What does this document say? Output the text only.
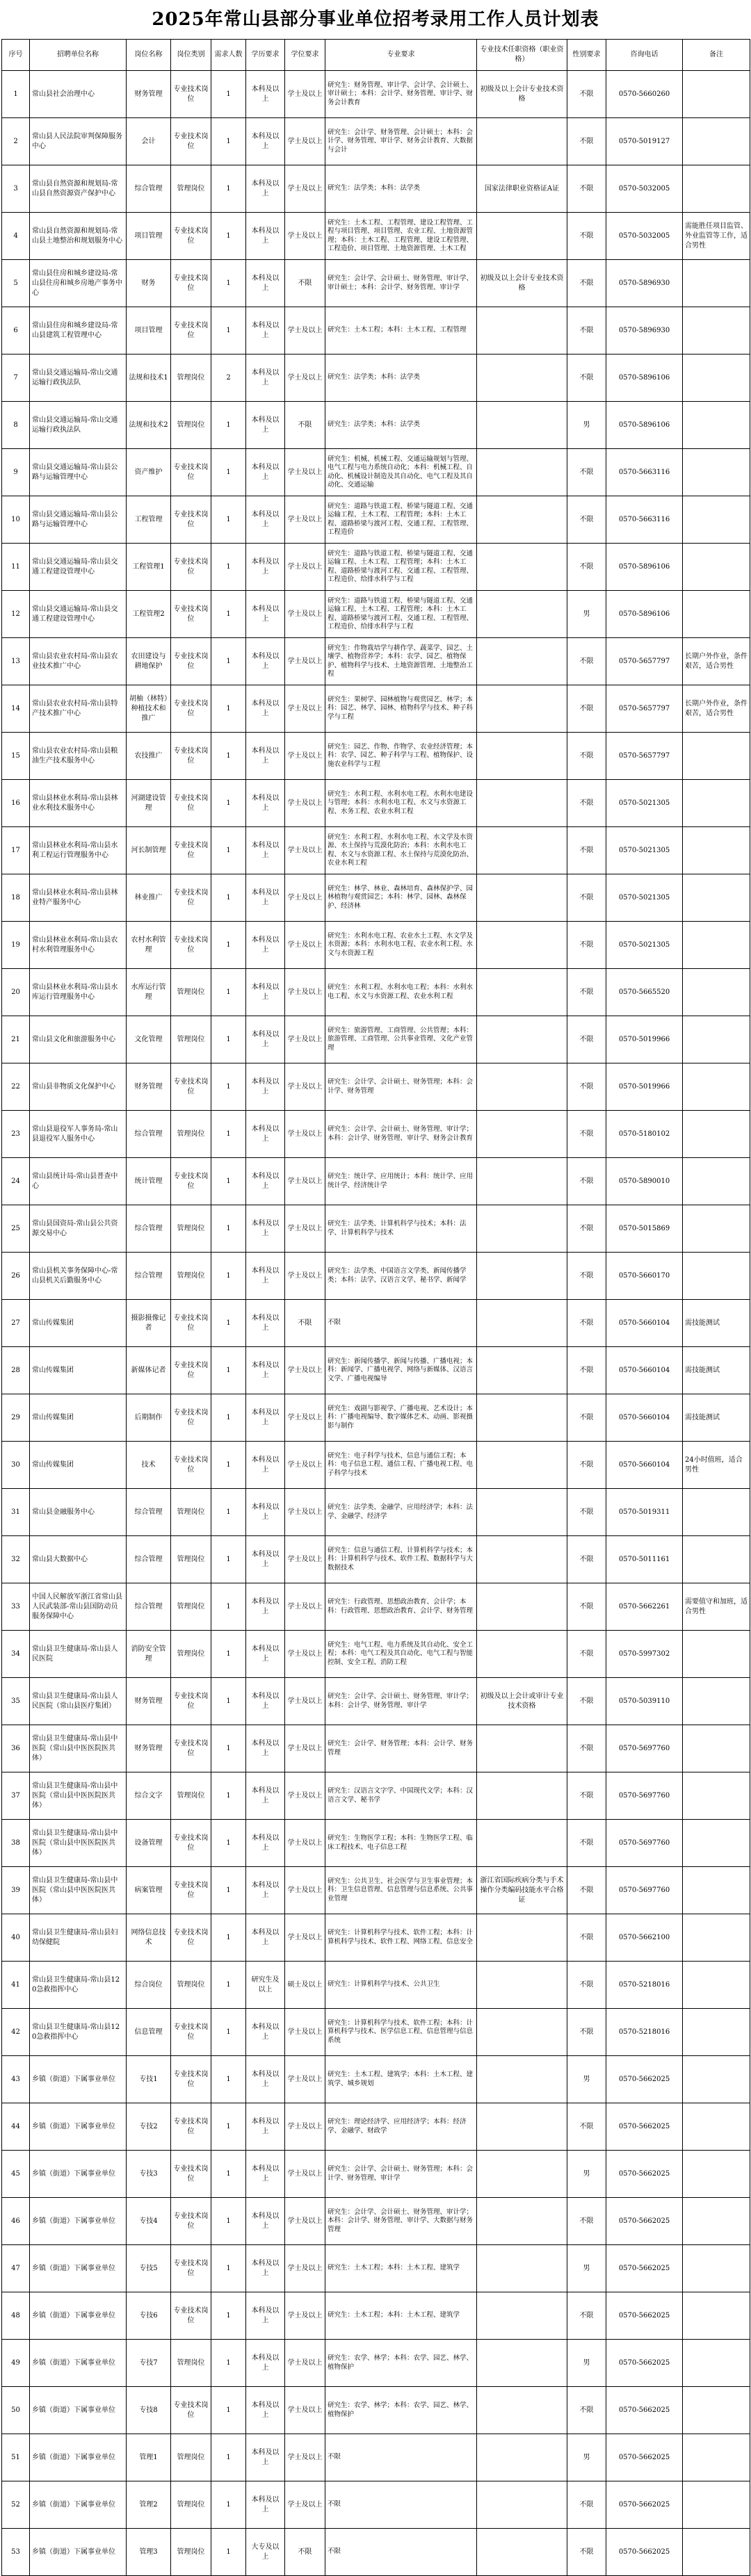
2025年常山县部分事业单位招考录用工作人员计划表
序号	招聘单位名称	岗位名称	岗位类别	需求人数	学历要求	学位要求	专业要求	专业技术任职资格（职业资格）	性别要求	咨询电话	备注
1	常山县社会治理中心	财务管理	专业技术岗位	1	本科及以上	学士及以上	研究生：财务管理、审计学、会计学、会计硕士、审计硕士；本科：会计学、财务管理、审计学、财务会计教育	初级及以上会计专业技术资格	不限	0570-5660260	
2	常山县人民法院审判保障服务中心	会计	专业技术岗位	1	本科及以上	学士及以上	研究生：会计学、财务管理、会计硕士；本科：会计学、财务管理、审计学、财务会计教育、大数据与会计		不限	0570-5019127	
3	常山县自然资源和规划局-常山县自然资源资产保护中心	综合管理	管理岗位	1	本科及以上	学士及以上	研究生：法学类；本科：法学类	国家法律职业资格证A证	不限	0570-5032005	
4	常山县自然资源和规划局-常山县土地整治和规划服务中心	项目管理	专业技术岗位	1	本科及以上	学士及以上	研究生：土木工程、工程管理、建设工程管理、工程与项目管理、项目管理、农业工程、土地资源管理；本科：土木工程、工程管理、建设工程管理、工程造价、项目管理、土地资源管理、土木工程		不限	0570-5032005	需能胜任项目监管、外业监管等工作，适合男性
5	常山县住房和城乡建设局-常山县住房和城乡房地产事务中心	财务	专业技术岗位	1	本科及以上	不限	研究生：会计学、会计硕士、财务管理、审计学、审计硕士；本科：会计学、财务管理、审计学	初级及以上会计专业技术资格	不限	0570-5896930	
6	常山县住房和城乡建设局-常山县建筑工程管理中心	项目管理	专业技术岗位	1	本科及以上	学士及以上	研究生：土木工程；本科：土木工程、工程管理		不限	0570-5896930	
7	常山县交通运输局-常山交通运输行政执法队	法规和技术1	管理岗位	2	本科及以上	学士及以上	研究生：法学类；本科：法学类		不限	0570-5896106	
8	常山县交通运输局-常山交通运输行政执法队	法规和技术2	管理岗位	1	本科及以上	不限	研究生：法学类；本科：法学类		男	0570-5896106	
9	常山县交通运输局-常山县公路与运输管理中心	资产维护	专业技术岗位	1	本科及以上	学士及以上	研究生：机械、机械工程、交通运输规划与管理、电气工程与电力系统自动化；本科：机械工程、自动化、机械设计制造及其自动化、电气工程及其自动化、交通运输		不限	0570-5663116	
10	常山县交通运输局-常山县公路与运输管理中心	工程管理	专业技术岗位	1	本科及以上	学士及以上	研究生：道路与铁道工程、桥梁与隧道工程、交通运输工程、土木工程、工程管理；本科：土木工程、道路桥梁与渡河工程、交通工程、工程管理、工程造价		不限	0570-5663116	
11	常山县交通运输局-常山县交通工程建设管理中心	工程管理1	专业技术岗位	1	本科及以上	学士及以上	研究生：道路与铁道工程、桥梁与隧道工程、交通运输工程、土木工程、工程管理；本科：土木工程、道路桥梁与渡河工程、交通工程、工程管理、工程造价、给排水科学与工程		不限	0570-5896106	
12	常山县交通运输局-常山县交通工程建设管理中心	工程管理2	专业技术岗位	1	本科及以上	学士及以上	研究生：道路与铁道工程、桥梁与隧道工程、交通运输工程、土木工程、工程管理；本科：土木工程、道路桥梁与渡河工程、交通工程、工程管理、工程造价、给排水科学与工程		男	0570-5896106	
13	常山县农业农村局-常山县农业技术推广中心	农田建设与耕地保护	专业技术岗位	1	本科及以上	学士及以上	研究生：作物栽培学与耕作学、蔬菜学、园艺、土壤学、植物营养学；本科：农学、园艺、植物保护、植物科学与技术、土地资源管理、土地整治工程		不限	0570-5657797	长期户外作业，条件艰苦，适合男性
14	常山县农业农村局-常山县特产技术推广中心	胡柚（林特）种植技术和推广	专业技术岗位	1	本科及以上	学士及以上	研究生：果树学、园林植物与观赏园艺、林学；本科：园艺、林学、园林、植物科学与技术、种子科学与工程		不限	0570-5657797	长期户外作业，条件艰苦，适合男性
15	常山县农业农村局-常山县粮油生产技术服务中心	农技推广	专业技术岗位	1	本科及以上	学士及以上	研究生：园艺、作物、作物学、农业经济管理；本科：农学、园艺、种子科学与工程、植物保护、设施农业科学与工程		不限	0570-5657797	
16	常山县林业水利局-常山县林业水利技术服务中心	河湖建设管理	专业技术岗位	1	本科及以上	学士及以上	研究生：水利工程、水利水电工程、水利水电建设与管理；本科：水利水电工程、水文与水资源工程、水务工程、农业水利工程		不限	0570-5021305	
17	常山县林业水利局-常山县水利工程运行管理服务中心	河长制管理	专业技术岗位	1	本科及以上	学士及以上	研究生：水利工程、水利水电工程、水文学及水资源、水土保持与荒漠化防治；本科：水利水电工程、水文与水资源工程、水土保持与荒漠化防治、农业水利工程		不限	0570-5021305	
18	常山县林业水利局-常山县林业特产服务中心	林业推广	专业技术岗位	1	本科及以上	学士及以上	研究生：林学、林业、森林培育、森林保护学、园林植物与观赏园艺；本科：林学、园林、森林保护、经济林		不限	0570-5021305	
19	常山县林业水利局-常山县农村水利管理服务中心	农村水利管理	专业技术岗位	1	本科及以上	学士及以上	研究生：水利水电工程、农业水土工程、水文学及水资源；本科：水利水电工程、农业水利工程、水文与水资源工程		不限	0570-5021305	
20	常山县林业水利局-常山县水库运行管理服务中心	水库运行管理	管理岗位	1	本科及以上	学士及以上	研究生：水利工程、水利水电工程；本科：水利水电工程、水文与水资源工程、农业水利工程		不限	0570-5665520	
21	常山县文化和旅游服务中心	文化管理	管理岗位	1	本科及以上	学士及以上	研究生：旅游管理、工商管理、公共管理；本科：旅游管理、工商管理、公共事业管理、文化产业管理		不限	0570-5019966	
22	常山县非物质文化保护中心	财务管理	专业技术岗位	1	本科及以上	学士及以上	研究生：会计学、会计硕士、财务管理；本科：会计学、财务管理		不限	0570-5019966	
23	常山县退役军人事务局-常山县退役军人服务中心	综合管理	管理岗位	1	本科及以上	学士及以上	研究生：会计学、会计硕士、财务管理、审计学；本科：会计学、财务管理、审计学、财务会计教育		不限	0570-5180102	
24	常山县统计局-常山县普查中心	统计管理	专业技术岗位	1	本科及以上	学士及以上	研究生：统计学、应用统计；本科：统计学、应用统计学、经济统计学		不限	0570-5890010	
25	常山县国资局-常山县公共资源交易中心	综合管理	管理岗位	1	本科及以上	学士及以上	研究生：法学类、计算机科学与技术；本科：法学、计算机科学与技术		不限	0570-5015869	
26	常山县机关事务保障中心-常山县机关后勤服务中心	综合管理	管理岗位	1	本科及以上	学士及以上	研究生：法学类、中国语言文学类、新闻传播学类；本科：法学、汉语言文学、秘书学、新闻学		不限	0570-5660170	
27	常山传媒集团	摄影摄像记者	专业技术岗位	1	本科及以上	不限	不限		不限	0570-5660104	需技能测试
28	常山传媒集团	新媒体记者	专业技术岗位	1	本科及以上	学士及以上	研究生：新闻传播学、新闻与传播、广播电视；本科：新闻学、广播电视学、网络与新媒体、汉语言文学、广播电视编导		不限	0570-5660104	需技能测试
29	常山传媒集团	后期制作	专业技术岗位	1	本科及以上	学士及以上	研究生：戏剧与影视学、广播电视、艺术设计；本科：广播电视编导、数字媒体艺术、动画、影视摄影与制作		不限	0570-5660104	需技能测试
30	常山传媒集团	技术	专业技术岗位	1	本科及以上	学士及以上	研究生：电子科学与技术、信息与通信工程；本科：电子信息工程、通信工程、广播电视工程、电子科学与技术		不限	0570-5660104	24小时值班，适合男性
31	常山县金融服务中心	综合管理	管理岗位	1	本科及以上	学士及以上	研究生：法学类、金融学、应用经济学；本科：法学、金融学、经济学		不限	0570-5019311	
32	常山县大数据中心	综合管理	管理岗位	1	本科及以上	学士及以上	研究生：信息与通信工程、计算机科学与技术；本科：计算机科学与技术、软件工程、数据科学与大数据技术		不限	0570-5011161	
33	中国人民解放军浙江省常山县人民武装部-常山县国防动员服务保障中心	综合管理	管理岗位	1	本科及以上	学士及以上	研究生：行政管理、思想政治教育、会计学；本科：行政管理、思想政治教育、会计学、财务管理		不限	0570-5662261	需要值守和加班，适合男性
34	常山县卫生健康局-常山县人民医院	消防安全管理	管理岗位	1	本科及以上	学士及以上	研究生：电气工程、电力系统及其自动化、安全工程；本科：电气工程及其自动化、电气工程与智能控制、安全工程、消防工程		不限	0570-5997302	
35	常山县卫生健康局-常山县人民医院（常山县医疗集团）	财务管理	专业技术岗位	1	本科及以上	学士及以上	研究生：会计学、会计硕士、财务管理、审计学；本科：会计学、财务管理、审计学	初级及以上会计或审计专业技术资格	不限	0570-5039110	
36	常山县卫生健康局-常山县中医院（常山县中医医院医共体）	财务管理	专业技术岗位	1	本科及以上	学士及以上	研究生：会计学、财务管理；本科：会计学、财务管理		不限	0570-5697760	
37	常山县卫生健康局-常山县中医院（常山县中医医院医共体）	综合文字	管理岗位	1	本科及以上	学士及以上	研究生：汉语言文字学、中国现代文学；本科：汉语言文学、秘书学		不限	0570-5697760	
38	常山县卫生健康局-常山县中医院（常山县中医医院医共体）	设备管理	专业技术岗位	1	本科及以上	学士及以上	研究生：生物医学工程；本科：生物医学工程、临床工程技术、电子信息工程		不限	0570-5697760	
39	常山县卫生健康局-常山县中医院（常山县中医医院医共体）	病案管理	专业技术岗位	1	本科及以上	学士及以上	研究生：公共卫生、社会医学与卫生事业管理；本科：卫生信息管理、信息管理与信息系统、公共事业管理	浙江省国际疾病分类与手术操作分类编码技能水平合格证	不限	0570-5697760	
40	常山县卫生健康局-常山县妇幼保健院	网络信息技术	专业技术岗位	1	本科及以上	学士及以上	研究生：计算机科学与技术、软件工程；本科：计算机科学与技术、软件工程、网络工程、信息安全		不限	0570-5662100	
41	常山县卫生健康局-常山县120急救指挥中心	综合岗位	管理岗位	1	研究生及以上	硕士及以上	研究生：计算机科学与技术、公共卫生		不限	0570-5218016	
42	常山县卫生健康局-常山县120急救指挥中心	信息管理	专业技术岗位	1	本科及以上	学士及以上	研究生：计算机科学与技术、软件工程；本科：计算机科学与技术、医学信息工程、信息管理与信息系统		不限	0570-5218016	
43	乡镇（街道）下属事业单位	专技1	专业技术岗位	1	本科及以上	学士及以上	研究生：土木工程、建筑学；本科：土木工程、建筑学、城乡规划		男	0570-5662025	
44	乡镇（街道）下属事业单位	专技2	专业技术岗位	1	本科及以上	学士及以上	研究生：理论经济学、应用经济学；本科：经济学、金融学、财政学		不限	0570-5662025	
45	乡镇（街道）下属事业单位	专技3	专业技术岗位	1	本科及以上	学士及以上	研究生：会计学、会计硕士、财务管理；本科：会计学、财务管理、审计学		男	0570-5662025	
46	乡镇（街道）下属事业单位	专技4	专业技术岗位	1	本科及以上	学士及以上	研究生：会计学、会计硕士、财务管理、审计学；本科：会计学、财务管理、审计学、大数据与财务管理		不限	0570-5662025	
47	乡镇（街道）下属事业单位	专技5	专业技术岗位	1	本科及以上	学士及以上	研究生：土木工程；本科：土木工程、建筑学		男	0570-5662025	
48	乡镇（街道）下属事业单位	专技6	专业技术岗位	1	本科及以上	学士及以上	研究生：土木工程；本科：土木工程、建筑学		不限	0570-5662025	
49	乡镇（街道）下属事业单位	专技7	管理岗位	1	本科及以上	学士及以上	研究生：农学、林学；本科：农学、园艺、林学、植物保护		男	0570-5662025	
50	乡镇（街道）下属事业单位	专技8	专业技术岗位	1	本科及以上	学士及以上	研究生：农学、林学；本科：农学、园艺、林学、植物保护		不限	0570-5662025	
51	乡镇（街道）下属事业单位	管理1	管理岗位	1	本科及以上	学士及以上	不限		男	0570-5662025	
52	乡镇（街道）下属事业单位	管理2	管理岗位	1	本科及以上	学士及以上	不限		不限	0570-5662025	
53	乡镇（街道）下属事业单位	管理3	管理岗位	1	大专及以上	不限	不限		不限	0570-5662025	
